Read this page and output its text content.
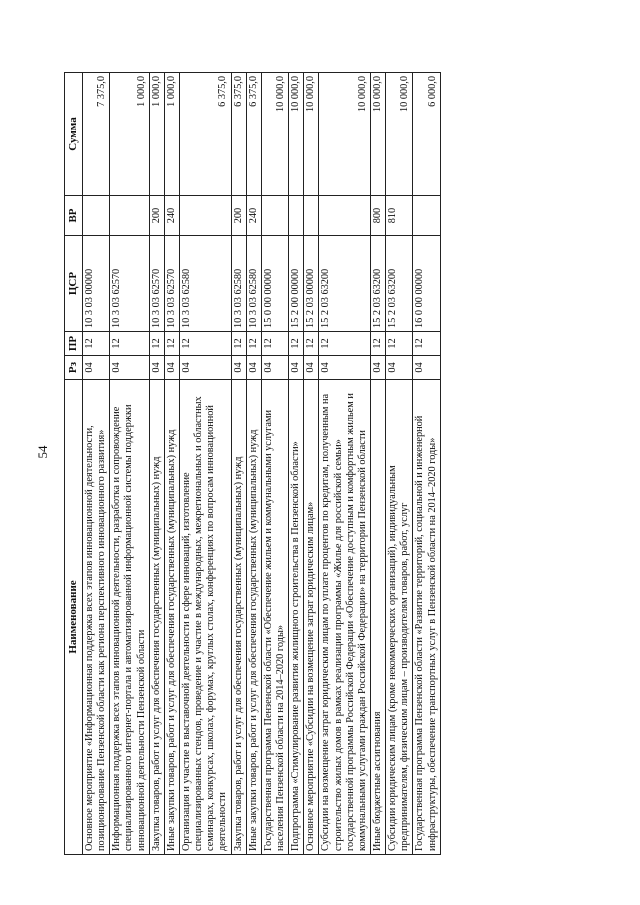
54
Наименование	Рз	ПР	ЦСР	ВР	Сумма
Основное мероприятие «Информационная поддержка всех этапов инновационной деятельности, позиционирование Пензенской области как региона перспективного инновационного развития»	04	12	10 3 03 00000		7 375,0
Информационная поддержка всех этапов инновационной деятельности, разработка и сопровождение специализированного интернет-портала и автоматизированной информационной системы поддержки инновационной деятельности Пензенской области	04	12	10 3 03 62570		1 000,0
Закупка товаров, работ и услуг для обеспечения государственных (муниципальных) нужд	04	12	10 3 03 62570	200	1 000,0
Иные закупки товаров, работ и услуг для обеспечения государственных (муниципальных) нужд	04	12	10 3 03 62570	240	1 000,0
Организация и участие в выставочной деятельности в сфере инноваций, изготовление специализированных стендов, проведение и участие в международных, межрегиональных и областных семинарах, конкурсах, школах, форумах, круглых столах, конференциях по вопросам инновационной деятельности	04	12	10 3 03 62580		6 375,0
Закупка товаров, работ и услуг для обеспечения государственных (муниципальных) нужд	04	12	10 3 03 62580	200	6 375,0
Иные закупки товаров, работ и услуг для обеспечения государственных (муниципальных) нужд	04	12	10 3 03 62580	240	6 375,0
Государственная программа Пензенской области «Обеспечение жильем и коммунальными услугами населения Пензенской области на 2014–2020 годы»	04	12	15 0 00 00000		10 000,0
Подпрограмма «Стимулирование развития жилищного строительства в Пензенской области»	04	12	15 2 00 00000		10 000,0
Основное мероприятие «Субсидии на возмещение затрат юридическим лицам»	04	12	15 2 03 00000		10 000,0
Субсидии на возмещение затрат юридическим лицам по уплате процентов по кредитам, полученным на строительство жилых домов в рамках реализации программы «Жилье для российской семьи» государственной программы Российской Федерации «Обеспечение доступным и комфортным жильем и коммунальными услугами граждан Российской Федерации» на территории Пензенской области	04	12	15 2 03 63200		10 000,0
Иные бюджетные ассигнования	04	12	15 2 03 63200	800	10 000,0
Субсидии юридическим лицам (кроме некоммерческих организаций), индивидуальным предпринимателям, физическим лицам – производителям товаров, работ, услуг	04	12	15 2 03 63200	810	10 000,0
Государственная программа Пензенской области «Развитие территорий, социальной и инженерной инфраструктуры, обеспечение транспортных услуг в Пензенской области на 2014–2020 годы»	04	12	16 0 00 00000		6 000,0
